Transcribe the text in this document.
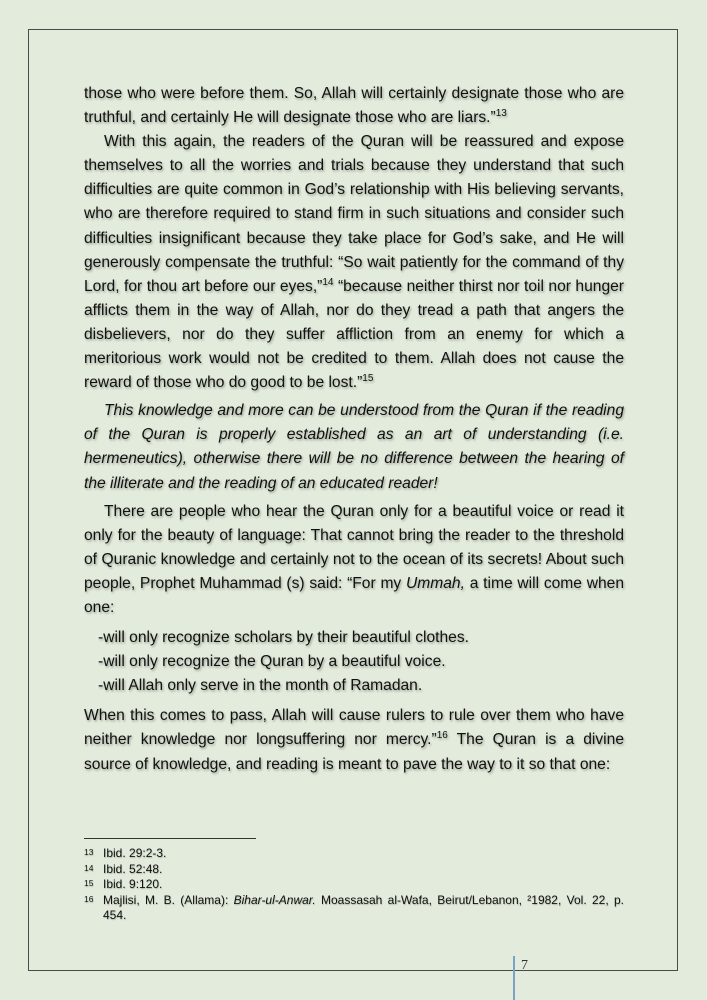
those who were before them. So, Allah will certainly designate those who are truthful, and certainly He will designate those who are liars.”$^{13}$

With this again, the readers of the Quran will be reassured and expose themselves to all the worries and trials because they understand that such difficulties are quite common in God’s relationship with His believing servants, who are therefore required to stand firm in such situations and consider such difficulties insignificant because they take place for God’s sake, and He will generously compensate the truthful: “So wait patiently for the command of thy Lord, for thou art before our eyes,”$^{14}$ “because neither thirst nor toil nor hunger afflicts them in the way of Allah, nor do they tread a path that angers the disbelievers, nor do they suffer affliction from an enemy for which a meritorious work would not be credited to them. Allah does not cause the reward of those who do good to be lost.”$^{15}$

This knowledge and more can be understood from the Quran if the reading of the Quran is properly established as an art of understanding (i.e. hermeneutics), otherwise there will be no difference between the hearing of the illiterate and the reading of an educated reader!

There are people who hear the Quran only for a beautiful voice or read it only for the beauty of language: That cannot bring the reader to the threshold of Quranic knowledge and certainly not to the ocean of its secrets! About such people, Prophet Muhammad (s) said: “For my Ummah, a time will come when one:

-will only recognize scholars by their beautiful clothes.
-will only recognize the Quran by a beautiful voice.
-will Allah only serve in the month of Ramadan.

When this comes to pass, Allah will cause rulers to rule over them who have neither knowledge nor longsuffering nor mercy.”$^{16}$ The Quran is a divine source of knowledge, and reading is meant to pave the way to it so that one:

13 Ibid. 29:2-3.
14 Ibid. 52:48.
15 Ibid. 9:120.
16 Majlisi, M. B. (Allama): Bihar-ul-Anwar. Moassasah al-Wafa, Beirut/Lebanon, ²1982, Vol. 22, p. 454.
7
